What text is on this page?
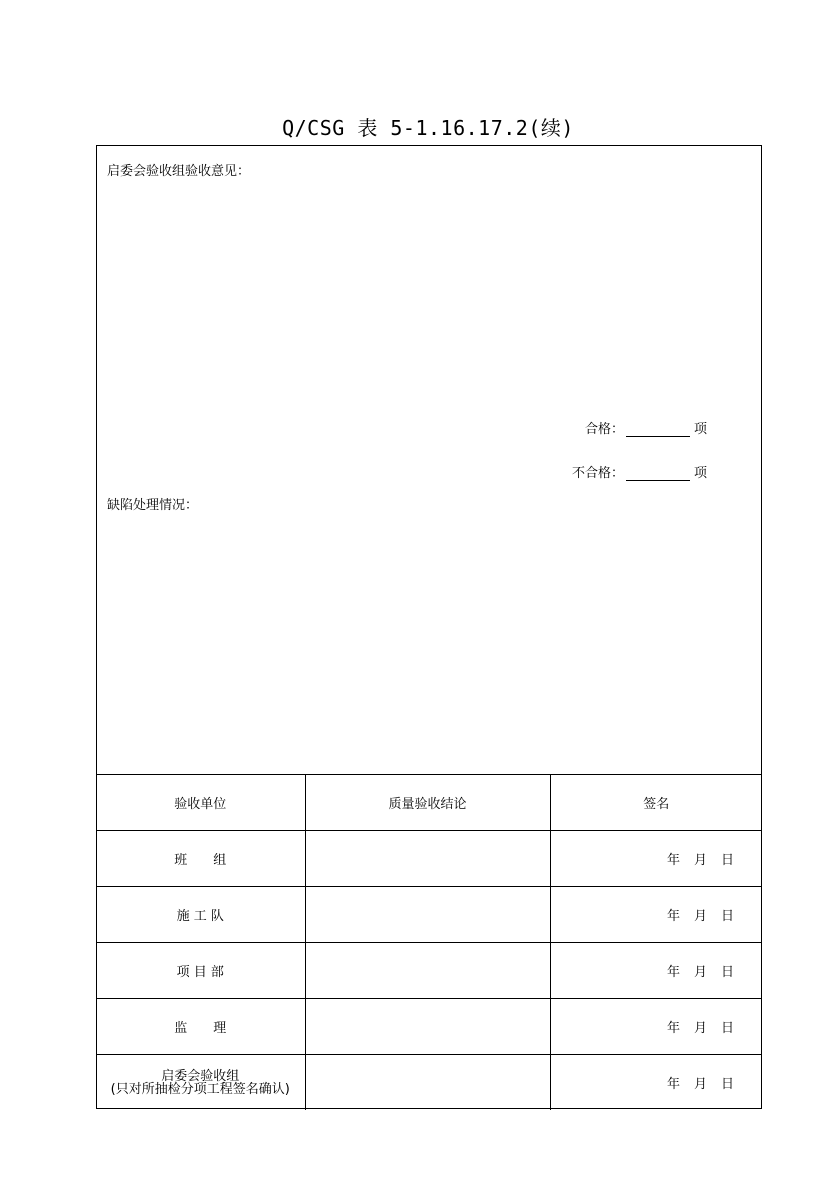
Q/CSG 表 5-1.16.17.2(续)
启委会验收组验收意见：
合格：	项
不合格：	项
缺陷处理情况：
验收单位	质量验收结论	签名
班　　组		年 月 日
施 工 队		年 月 日
项 目 部		年 月 日
监　　理		年 月 日

启委会验收组
(只对所抽检分项工程签名确认)		年 月 日
